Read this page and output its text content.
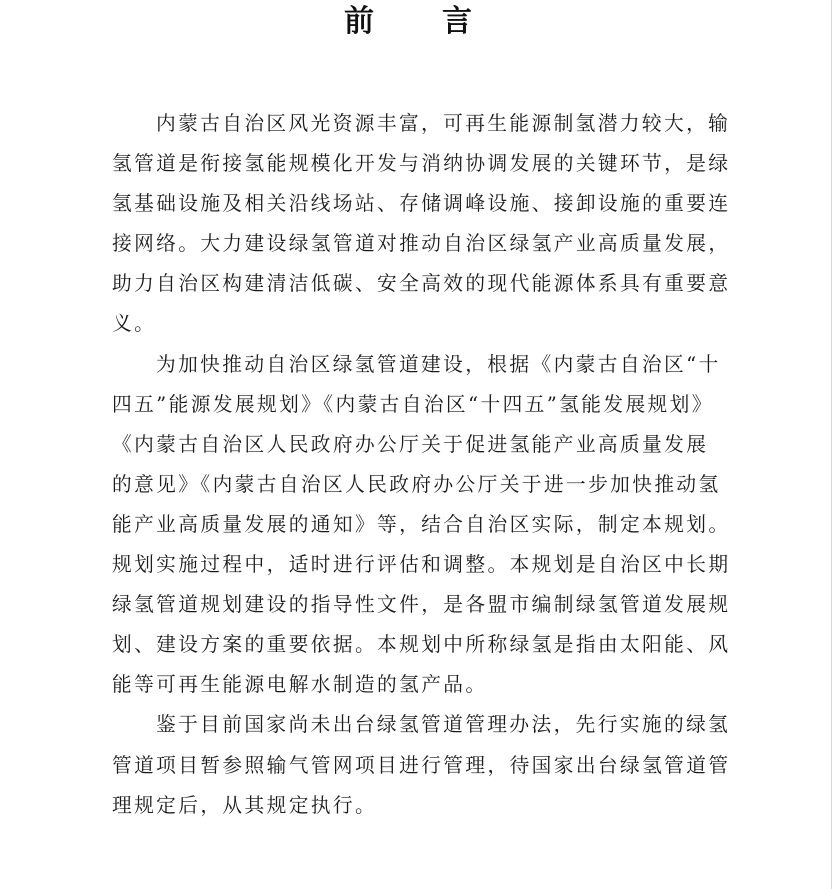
前言

内蒙古自治区风光资源丰富，可再生能源制氢潜力较大，输
氢管道是衔接氢能规模化开发与消纳协调发展的关键环节，是绿
氢基础设施及相关沿线场站、存储调峰设施、接卸设施的重要连
接网络。大力建设绿氢管道对推动自治区绿氢产业高质量发展，
助力自治区构建清洁低碳、安全高效的现代能源体系具有重要意
义。

为加快推动自治区绿氢管道建设，根据《内蒙古自治区“十
四五”能源发展规划》《内蒙古自治区“十四五”氢能发展规划》
《内蒙古自治区人民政府办公厅关于促进氢能产业高质量发展
的意见》《内蒙古自治区人民政府办公厅关于进一步加快推动氢
能产业高质量发展的通知》等，结合自治区实际，制定本规划。
规划实施过程中，适时进行评估和调整。本规划是自治区中长期
绿氢管道规划建设的指导性文件，是各盟市编制绿氢管道发展规
划、建设方案的重要依据。本规划中所称绿氢是指由太阳能、风
能等可再生能源电解水制造的氢产品。

鉴于目前国家尚未出台绿氢管道管理办法，先行实施的绿氢
管道项目暂参照输气管网项目进行管理，待国家出台绿氢管道管
理规定后，从其规定执行。
